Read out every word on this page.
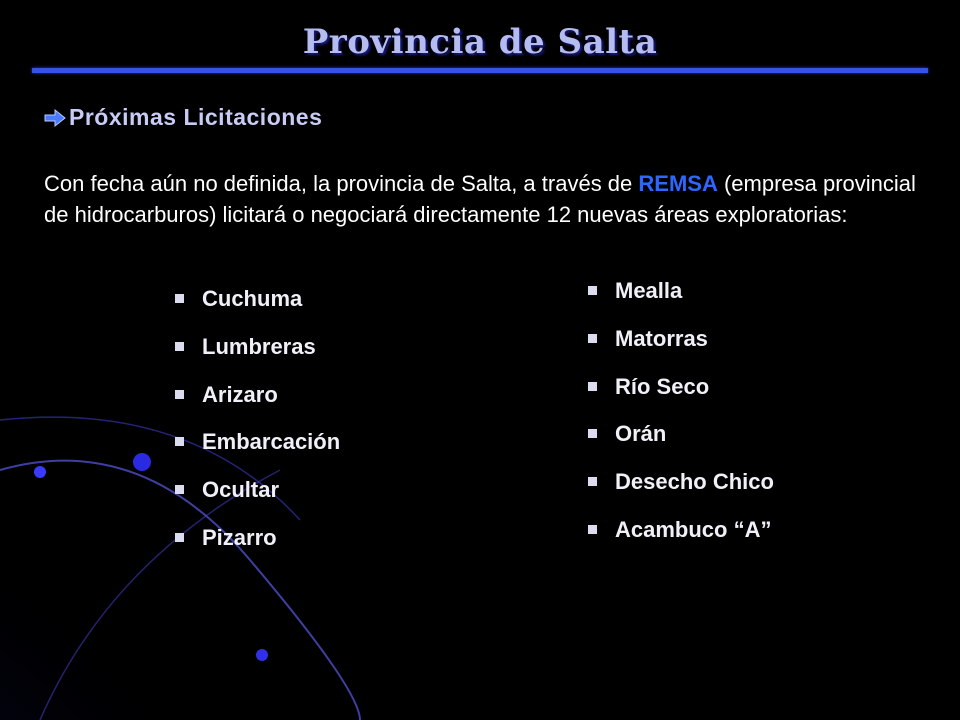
Provincia de Salta
Próximas Licitaciones
Con fecha aún no definida, la provincia de Salta, a través de REMSA (empresa provincial de hidrocarburos) licitará o negociará directamente 12 nuevas áreas exploratorias:
Cuchuma
Lumbreras
Arizaro
Embarcación
Ocultar
Pizarro
Mealla
Matorras
Río Seco
Orán
Desecho Chico
Acambuco “A”
